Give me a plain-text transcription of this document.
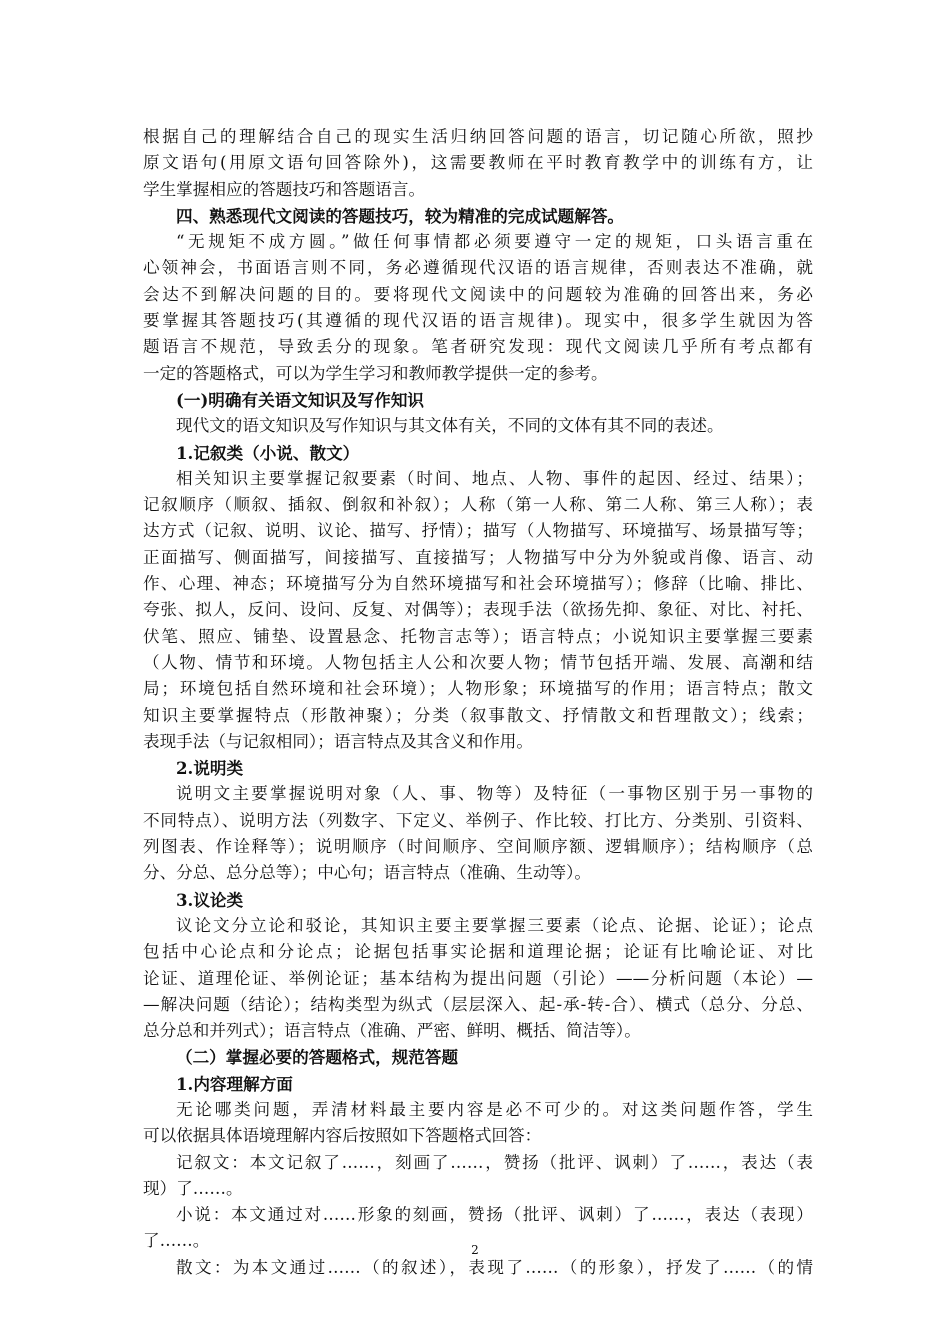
根据自己的理解结合自己的现实生活归纳回答问题的语言，切记随心所欲，照抄
原文语句(用原文语句回答除外)，这需要教师在平时教育教学中的训练有方，让
学生掌握相应的答题技巧和答题语言。
四、熟悉现代文阅读的答题技巧，较为精准的完成试题解答。
“无规矩不成方圆。”做任何事情都必须要遵守一定的规矩，口头语言重在
心领神会，书面语言则不同，务必遵循现代汉语的语言规律，否则表达不准确，就
会达不到解决问题的目的。要将现代文阅读中的问题较为准确的回答出来，务必
要掌握其答题技巧(其遵循的现代汉语的语言规律)。现实中，很多学生就因为答
题语言不规范，导致丢分的现象。笔者研究发现：现代文阅读几乎所有考点都有
一定的答题格式，可以为学生学习和教师教学提供一定的参考。
(一)明确有关语文知识及写作知识
现代文的语文知识及写作知识与其文体有关，不同的文体有其不同的表述。
1.记叙类（小说、散文）
相关知识主要掌握记叙要素（时间、地点、人物、事件的起因、经过、结果）；
记叙顺序（顺叙、插叙、倒叙和补叙）；人称（第一人称、第二人称、第三人称）；表
达方式（记叙、说明、议论、描写、抒情）；描写（人物描写、环境描写、场景描写等；
正面描写、侧面描写，间接描写、直接描写；人物描写中分为外貌或肖像、语言、动
作、心理、神态；环境描写分为自然环境描写和社会环境描写）；修辞（比喻、排比、
夸张、拟人，反问、设问、反复、对偶等）；表现手法（欲扬先抑、象征、对比、衬托、
伏笔、照应、铺垫、设置悬念、托物言志等）；语言特点；小说知识主要掌握三要素
（人物、情节和环境。人物包括主人公和次要人物；情节包括开端、发展、高潮和结
局；环境包括自然环境和社会环境）；人物形象；环境描写的作用；语言特点；散文
知识主要掌握特点（形散神聚）；分类（叙事散文、抒情散文和哲理散文）；线索；
表现手法（与记叙相同）；语言特点及其含义和作用。
2.说明类
说明文主要掌握说明对象（人、事、物等）及特征（一事物区别于另一事物的
不同特点）、说明方法（列数字、下定义、举例子、作比较、打比方、分类别、引资料、
列图表、作诠释等）；说明顺序（时间顺序、空间顺序额、逻辑顺序）；结构顺序（总
分、分总、总分总等）；中心句；语言特点（准确、生动等）。
3.议论类
议论文分立论和驳论，其知识主要主要掌握三要素（论点、论据、论证）；论点
包括中心论点和分论点；论据包括事实论据和道理论据；论证有比喻论证、对比
论证、道理伦证、举例论证；基本结构为提出问题（引论）——分析问题（本论）—
—解决问题（结论）；结构类型为纵式（层层深入、起-承-转-合）、横式（总分、分总、
总分总和并列式）；语言特点（准确、严密、鲜明、概括、简洁等）。
（二）掌握必要的答题格式，规范答题
1.内容理解方面
无论哪类问题，弄清材料最主要内容是必不可少的。对这类问题作答，学生
可以依据具体语境理解内容后按照如下答题格式回答：
记叙文：本文记叙了……，刻画了……，赞扬（批评、讽刺）了……，表达（表
现）了……。
小说：本文通过对……形象的刻画，赞扬（批评、讽刺）了……，表达（表现）
了……。
散文：为本文通过……（的叙述），表现了……（的形象），抒发了……（的情
2
